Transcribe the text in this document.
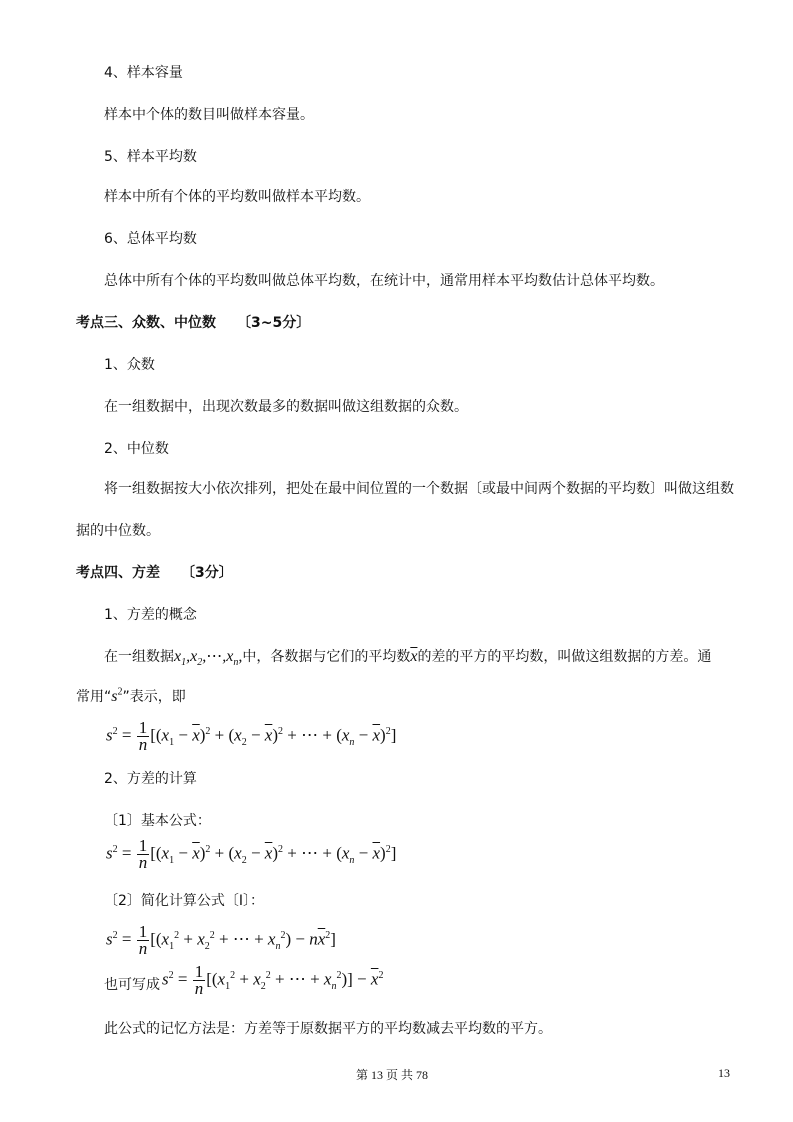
4、样本容量
样本中个体的数目叫做样本容量。
5、样本平均数
样本中所有个体的平均数叫做样本平均数。
6、总体平均数
总体中所有个体的平均数叫做总体平均数，在统计中，通常用样本平均数估计总体平均数。
考点三、众数、中位数　　〔3~5分〕
1、众数
在一组数据中，出现次数最多的数据叫做这组数据的众数。
2、中位数
将一组数据按大小依次排列，把处在最中间位置的一个数据〔或最中间两个数据的平均数〕叫做这组数
据的中位数。
考点四、方差　　〔3分〕
1、方差的概念
在一组数据$x_1,x_2,\cdots,x_n$,中，各数据与它们的平均数$\overline{x}$的差的平方的平均数，叫做这组数据的方差。通
常用“$s^2$”表示，即
$s^2 = \frac{1}{n} [(x_1 - \overline{x})^2 + (x_2 - \overline{x})^2$ + ⋯ + $(x_n - \overline{x})^2$]
2、方差的计算
〔1〕基本公式：
$s^2 = \frac{1}{n} [(x_1 - \overline{x})^2 + (x_2 - \overline{x})^2$ + ⋯ + $(x_n - \overline{x})^2$]
〔2〕简化计算公式〔Ⅰ〕：
$s^2 = \frac{1}{n} [(x_1^2 + x_2^2$ + ⋯ + $x_n^2) - n\overline{x}^2$]
也可写成 $s^2 = \frac{1}{n} [(x_1^2 + x_2^2$ + ⋯ + $x_n^2)] - \overline{x}^2$
此公式的记忆方法是：方差等于原数据平方的平均数减去平均数的平方。
第 13 页 共 78	13
